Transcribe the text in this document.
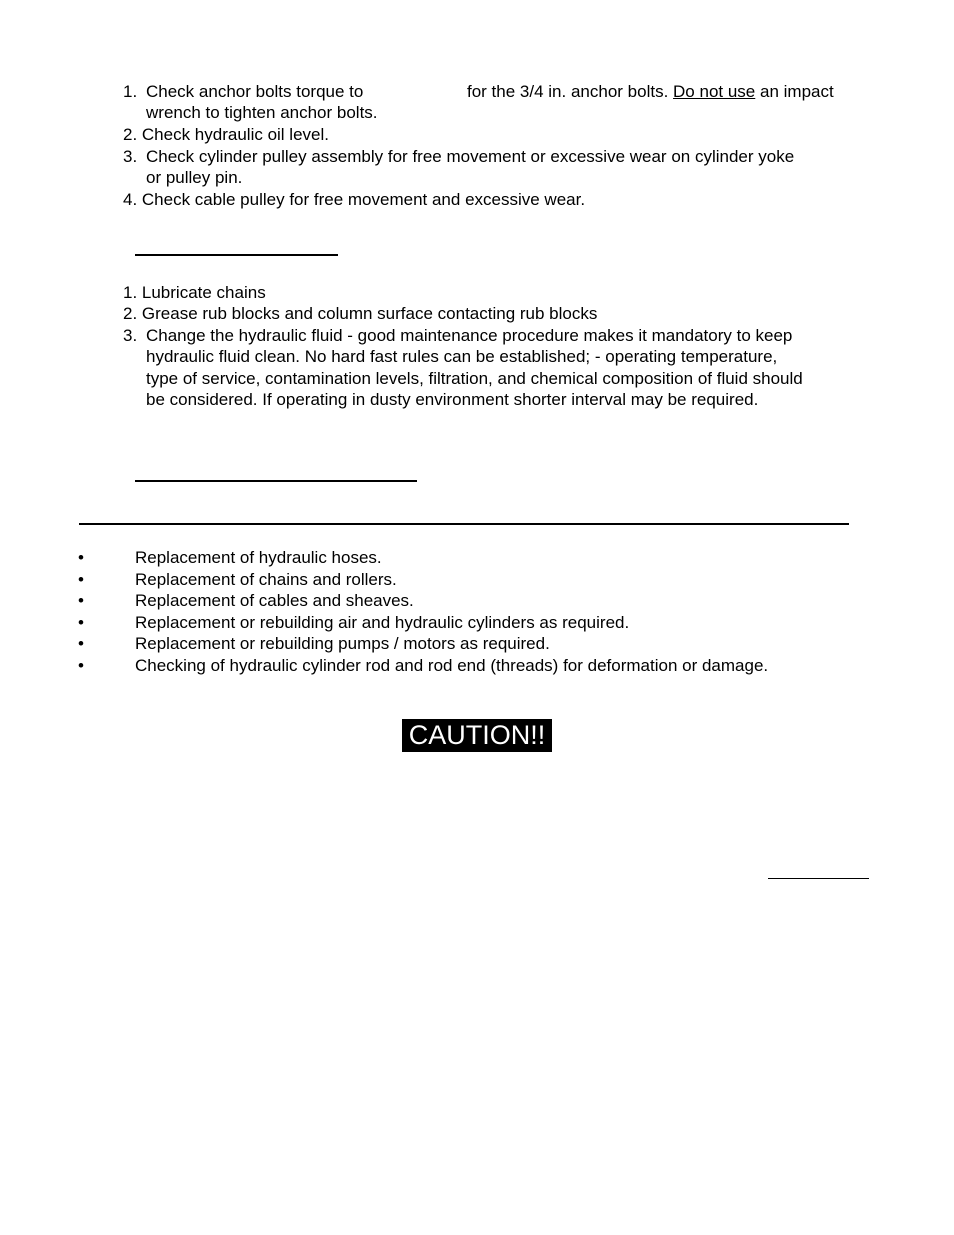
1. Check anchor bolts torque to	for the 3/4 in. anchor bolts. Do not use an impact
wrench to tighten anchor bolts.
2. Check hydraulic oil level.
3. Check cylinder pulley assembly for free movement or excessive wear on cylinder yoke
or pulley pin.
4. Check cable pulley for free movement and excessive wear.
1. Lubricate chains
2. Grease rub blocks and column surface contacting rub blocks
3. Change the hydraulic fluid - good maintenance procedure makes it mandatory to keep
hydraulic fluid clean. No hard fast rules can be established; - operating temperature,
type of service, contamination levels, filtration, and chemical composition of fluid should
be considered. If operating in dusty environment shorter interval may be required.
•	Replacement of hydraulic hoses.
•	Replacement of chains and rollers.
•	Replacement of cables and sheaves.
•	Replacement or rebuilding air and hydraulic cylinders as required.
•	Replacement or rebuilding pumps / motors as required.
•	Checking of hydraulic cylinder rod and rod end (threads) for deformation or damage.
CAUTION!!
